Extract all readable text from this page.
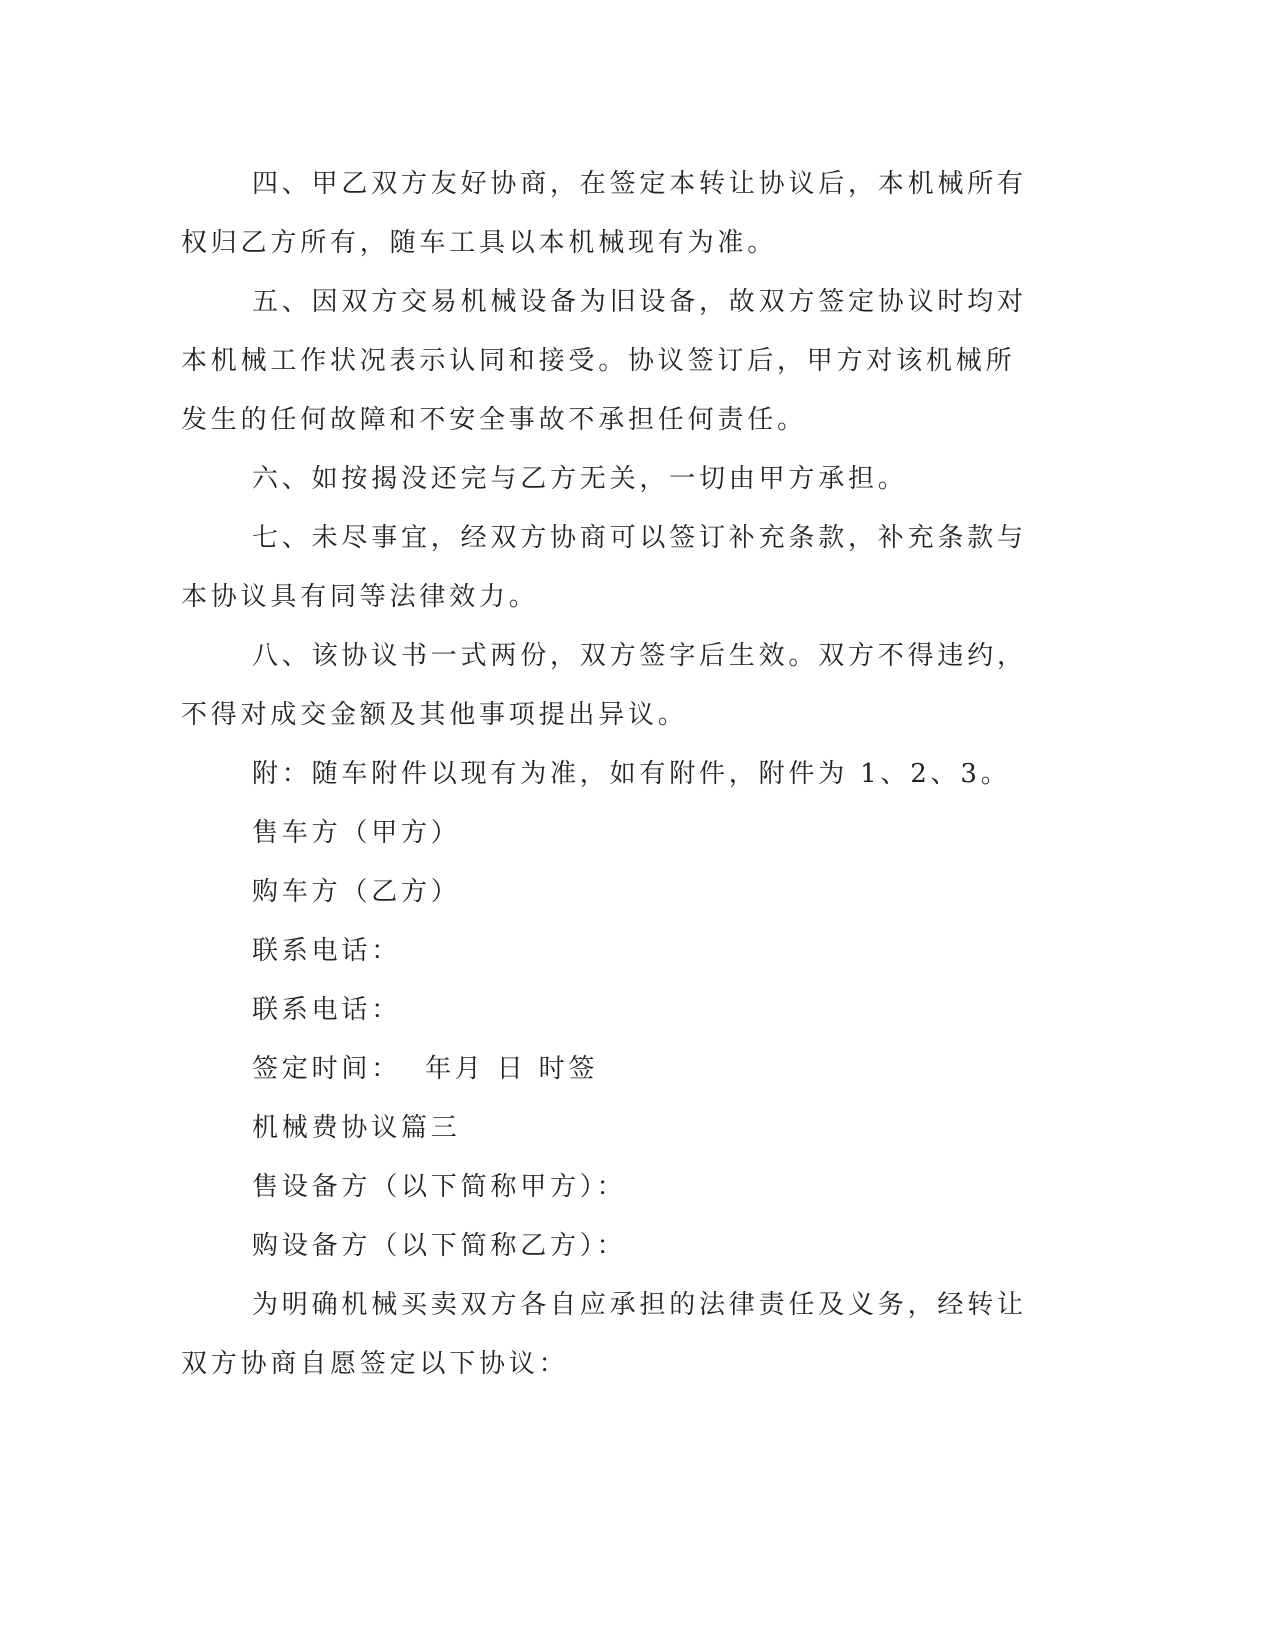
四、甲乙双方友好协商，在签定本转让协议后，本机械所有权归乙方所有，随车工具以本机械现有为准。

五、因双方交易机械设备为旧设备，故双方签定协议时均对本机械工作状况表示认同和接受。协议签订后，甲方对该机械所发生的任何故障和不安全事故不承担任何责任。

六、如按揭没还完与乙方无关，一切由甲方承担。

七、未尽事宜，经双方协商可以签订补充条款，补充条款与本协议具有同等法律效力。

八、该协议书一式两份，双方签字后生效。双方不得违约，不得对成交金额及其他事项提出异议。

附：随车附件以现有为准，如有附件，附件为 1、2、3。

售车方（甲方）

购车方（乙方）

联系电话：

联系电话：

签定时间：  年月 日 时签

机械费协议篇三

售设备方（以下简称甲方）：

购设备方（以下简称乙方）：

为明确机械买卖双方各自应承担的法律责任及义务，经转让双方协商自愿签定以下协议：
